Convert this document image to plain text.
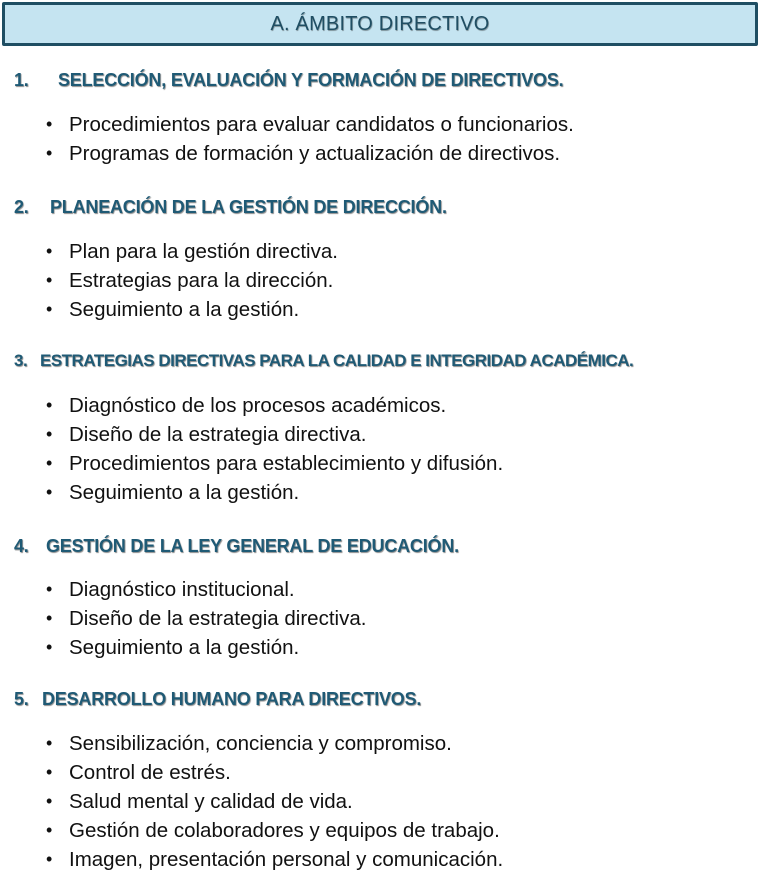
A. ÁMBITO DIRECTIVO
1. SELECCIÓN, EVALUACIÓN Y FORMACIÓN DE DIRECTIVOS.
• Procedimientos para evaluar candidatos o funcionarios.
• Programas de formación y actualización de directivos.
2. PLANEACIÓN DE LA GESTIÓN DE DIRECCIÓN.
• Plan para la gestión directiva.
• Estrategias para la dirección.
• Seguimiento a la gestión.
3. ESTRATEGIAS DIRECTIVAS PARA LA CALIDAD E INTEGRIDAD ACADÉMICA.
• Diagnóstico de los procesos académicos.
• Diseño de la estrategia directiva.
• Procedimientos para establecimiento y difusión.
• Seguimiento a la gestión.
4. GESTIÓN DE LA LEY GENERAL DE EDUCACIÓN.
• Diagnóstico institucional.
• Diseño de la estrategia directiva.
• Seguimiento a la gestión.
5. DESARROLLO HUMANO PARA DIRECTIVOS.
• Sensibilización, conciencia y compromiso.
• Control de estrés.
• Salud mental y calidad de vida.
• Gestión de colaboradores y equipos de trabajo.
• Imagen, presentación personal y comunicación.
